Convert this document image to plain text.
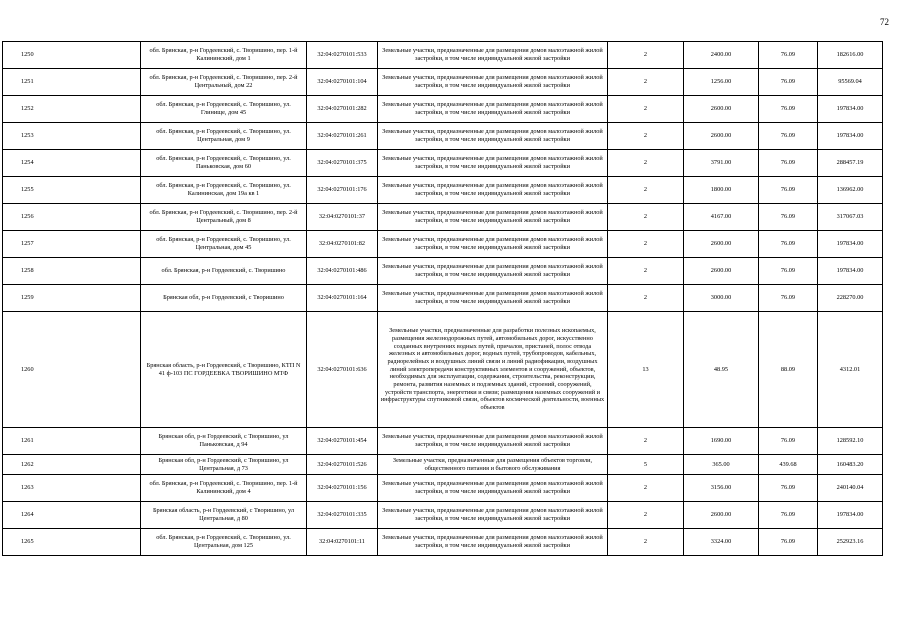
72
1250	обл. Брянская, р-н Гордеевский, с. Творишино, пер. 1-й Калининский, дом 1	32:04:0270101:533	Земельные участки, предназначенные для размещения домов малоэтажной жилой застройки, в том числе индивидуальной жилой застройки	2	2400.00	76.09	182616.00
1251	обл. Брянская, р-н Гордеевский, с. Творишино, пер. 2-й Центральный, дом 22	32:04:0270101:104	Земельные участки, предназначенные для размещения домов малоэтажной жилой застройки, в том числе индивидуальной жилой застройки	2	1256.00	76.09	95569.04
1252	обл. Брянская, р-н Гордеевский, с. Творишино, ул. Глинище, дом 45	32:04:0270101:282	Земельные участки, предназначенные для размещения домов малоэтажной жилой застройки, в том числе индивидуальной жилой застройки	2	2600.00	76.09	197834.00
1253	обл. Брянская, р-н Гордеевский, с. Творишино, ул. Центральная, дом 9	32:04:0270101:261	Земельные участки, предназначенные для размещения домов малоэтажной жилой застройки, в том числе индивидуальной жилой застройки	2	2600.00	76.09	197834.00
1254	обл. Брянская, р-н Гордеевский, с. Творишино, ул. Паньковская, дом 60	32:04:0270101:375	Земельные участки, предназначенные для размещения домов малоэтажной жилой застройки, в том числе индивидуальной жилой застройки	2	3791.00	76.09	288457.19
1255	обл. Брянская, р-н Гордеевский, с. Творишино, ул. Калининская, дом 19а кв 1	32:04:0270101:176	Земельные участки, предназначенные для размещения домов малоэтажной жилой застройки, в том числе индивидуальной жилой застройки	2	1800.00	76.09	136962.00
1256	обл. Брянская, р-н Гордеевский, с. Творишино, пер. 2-й Центральный, дом 8	32:04:0270101:37	Земельные участки, предназначенные для размещения домов малоэтажной жилой застройки, в том числе индивидуальной жилой застройки	2	4167.00	76.09	317067.03
1257	обл. Брянская, р-н Гордеевский, с. Творишино, ул. Центральная, дом 45	32:04:0270101:82	Земельные участки, предназначенные для размещения домов малоэтажной жилой застройки, в том числе индивидуальной жилой застройки	2	2600.00	76.09	197834.00
1258	обл. Брянская, р-н Гордеевский, с. Творишино	32:04:0270101:486	Земельные участки, предназначенные для размещения домов малоэтажной жилой застройки, в том числе индивидуальной жилой застройки	2	2600.00	76.09	197834.00
1259	Брянская обл, р-н Гордеевский, с Творишино	32:04:0270101:164	Земельные участки, предназначенные для размещения домов малоэтажной жилой застройки, в том числе индивидуальной жилой застройки	2	3000.00	76.09	228270.00
1260	Брянская область, р-н Гордеевский, с Творишино, КТП N 41 ф-103 ПС ГОРДЕЕВКА ТВОРИШИНО МТФ	32:04:0270101:636	Земельные участки, предназначенные для разработки полезных ископаемых, размещения железнодорожных путей, автомобильных дорог, искусственно созданных внутренних водных путей, причалов, пристаней, полос отвода железных и автомобильных дорог, водных путей, трубопроводов, кабельных, радиорелейных и воздушных линий связи и линий радиофикации, воздушных линий электропередачи конструктивных элементов и сооружений, объектов, необходимых для эксплуатации, содержания, строительства, реконструкции, ремонта, развития наземных и подземных зданий, строений, сооружений, устройств транспорта, энергетики и связи; размещения наземных сооружений и инфраструктуры спутниковой связи, объектов космической деятельности, военных объектов	13	48.95	88.09	4312.01
1261	Брянская обл, р-н Гордеевский, с Творишино, ул Паньковская, д 94	32:04:0270101:454	Земельные участки, предназначенные для размещения домов малоэтажной жилой застройки, в том числе индивидуальной жилой застройки	2	1690.00	76.09	128592.10
1262	Брянская обл, р-н Гордеевский, с Творишино, ул Центральная, д 73	32:04:0270101:526	Земельные участки, предназначенные для размещения объектов торговли, общественного питания и бытового обслуживания	5	365.00	439.68	160483.20
1263	обл. Брянская, р-н Гордеевский, с. Творишино, пер. 1-й Калининский, дом 4	32:04:0270101:156	Земельные участки, предназначенные для размещения домов малоэтажной жилой застройки, в том числе индивидуальной жилой застройки	2	3156.00	76.09	240140.04
1264	Брянская область, р-н Гордеевский, с Творишино, ул Центральная, д 80	32:04:0270101:335	Земельные участки, предназначенные для размещения домов малоэтажной жилой застройки, в том числе индивидуальной жилой застройки	2	2600.00	76.09	197834.00
1265	обл. Брянская, р-н Гордеевский, с. Творишино, ул. Центральная, дом 125	32:04:0270101:11	Земельные участки, предназначенные для размещения домов малоэтажной жилой застройки, в том числе индивидуальной жилой застройки	2	3324.00	76.09	252923.16
